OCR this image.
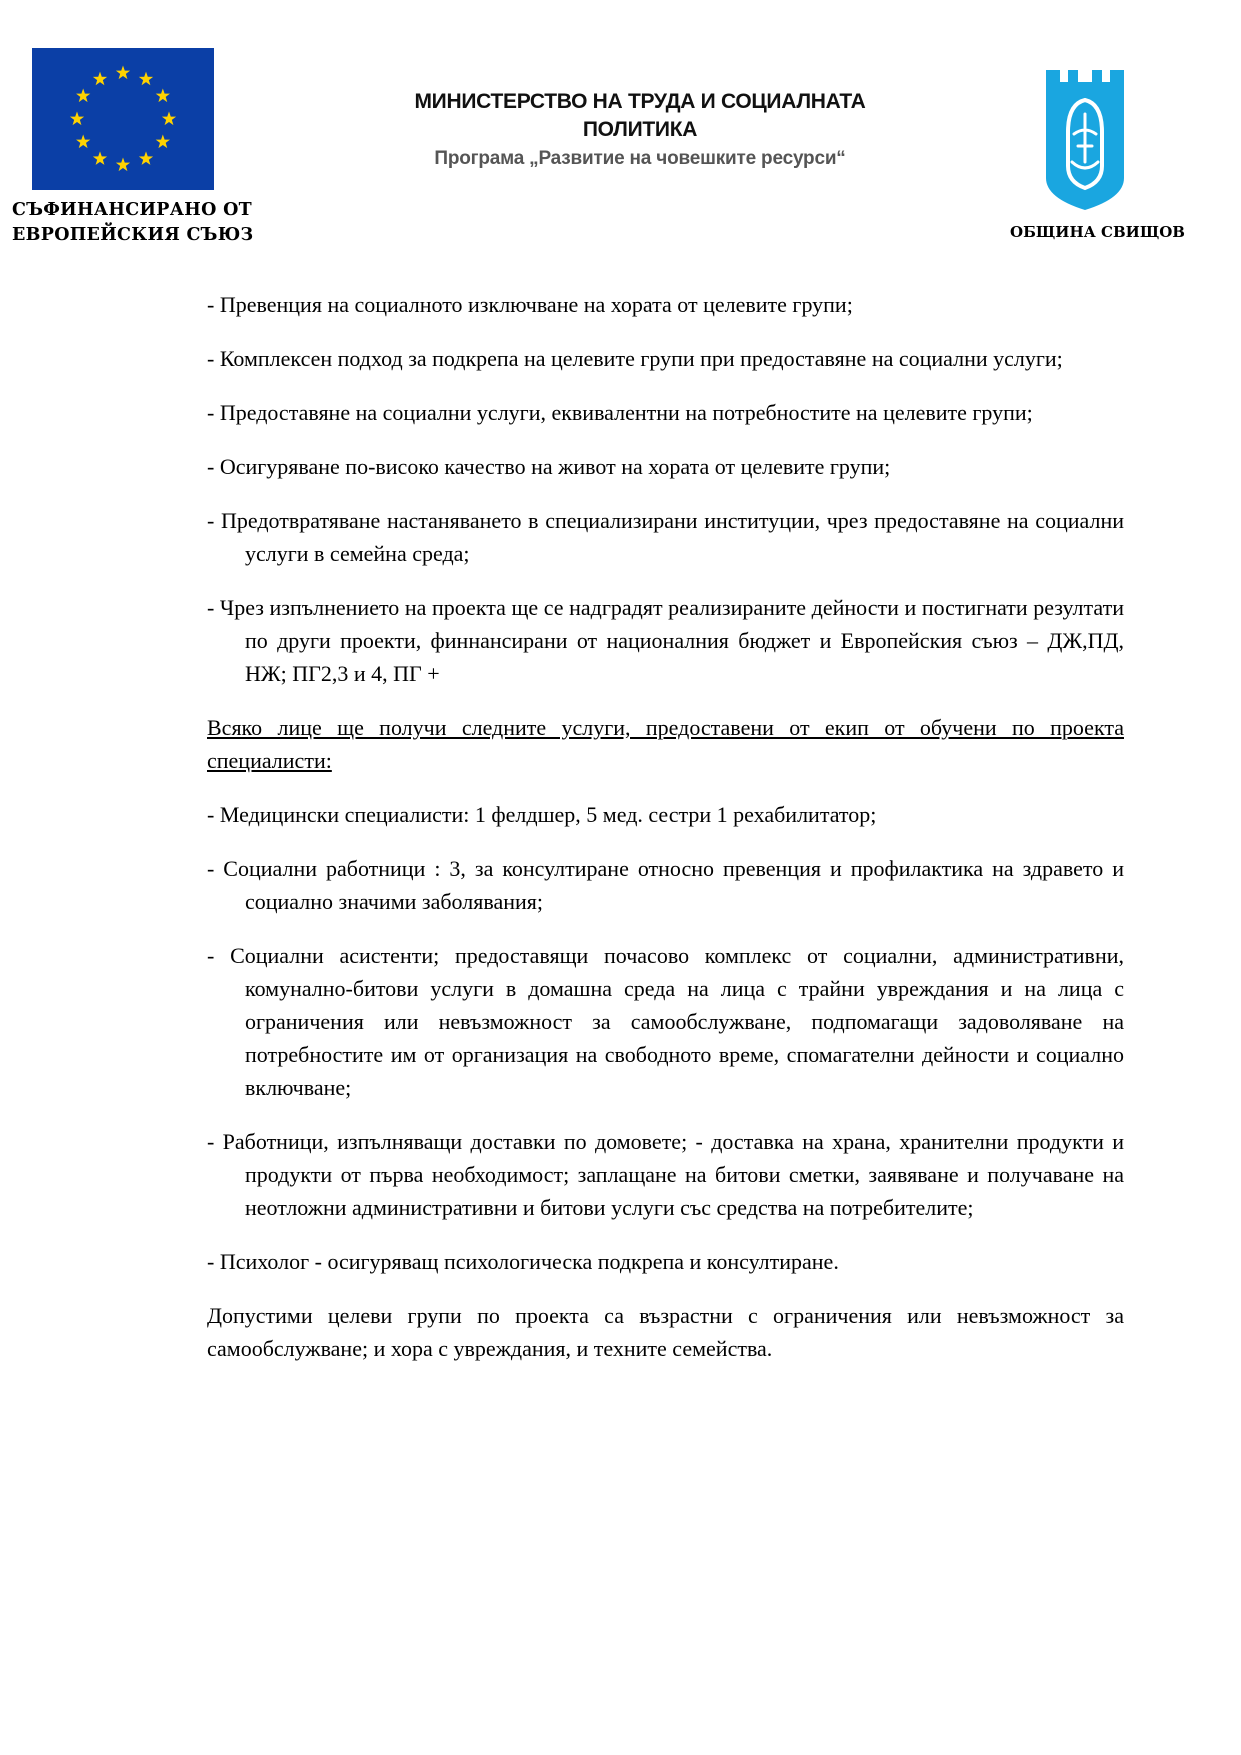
СЪФИНАНСИРАНО ОТ
ЕВРОПЕЙСКИЯ СЪЮЗ
МИНИСТЕРСТВО НА ТРУДА И СОЦИАЛНАТА
ПОЛИТИКА
Програма „Развитие на човешките ресурси“
ОБЩИНА СВИЩОВ

- Превенция на социалното изключване на хората от целевите групи;

- Комплексен подход за подкрепа на целевите групи при предоставяне на социални услуги;

- Предоставяне на социални услуги, еквивалентни на потребностите на целевите групи;

- Осигуряване по-високо качество на живот на хората от целевите групи;

- Предотвратяване настаняването в специализирани институции, чрез предоставяне на социални услуги в семейна среда;

- Чрез изпълнението на проекта ще се надградят реализираните дейности и постигнати резултати по други проекти, финнансирани от националния бюджет и Европейския съюз – ДЖ,ПД, НЖ; ПГ2,3 и 4, ПГ +

Всяко лице ще получи следните услуги, предоставени от екип от обучени по проекта специалисти:

- Медицински специалисти: 1 фелдшер, 5 мед. сестри 1 рехабилитатор;

- Социални работници : 3, за консултиране относно превенция и профилактика на здравето и социално значими заболявания;

- Социални асистенти; предоставящи почасово комплекс от социални, административни, комунално-битови услуги в домашна среда на лица с трайни увреждания и на лица с ограничения или невъзможност за самообслужване, подпомагащи задоволяване на потребностите им от организация на свободното време, спомагателни дейности и социално включване;

- Работници, изпълняващи доставки по домовете; - доставка на храна, хранителни продукти и продукти от първа необходимост; заплащане на битови сметки, заявяване и получаване на неотложни административни и битови услуги със средства на потребителите;

- Психолог - осигуряващ психологическа подкрепа и консултиране.

Допустими целеви групи по проекта са възрастни с ограничения или невъзможност за самообслужване; и хора с увреждания, и техните семейства.
